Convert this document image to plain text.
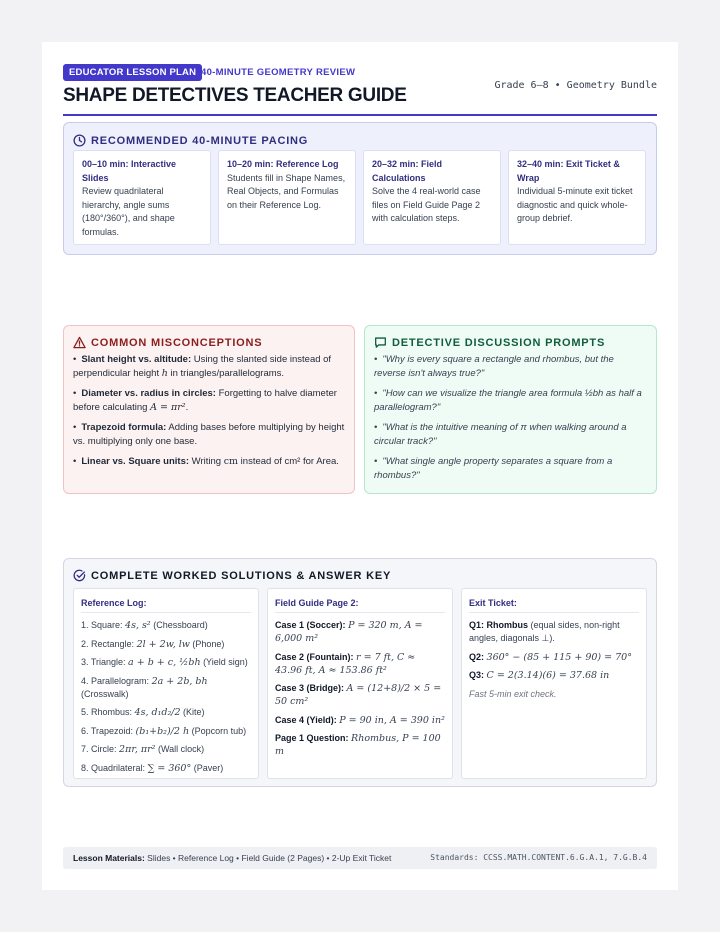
EDUCATOR LESSON PLAN 40-MINUTE GEOMETRY REVIEW
SHAPE DETECTIVES TEACHER GUIDE	Grade 6–8 • Geometry Bundle
RECOMMENDED 40-MINUTE PACING
00–10 min: Interactive Slides
Review quadrilateral hierarchy, angle sums (180°/360°), and shape formulas.
10–20 min: Reference Log
Students fill in Shape Names, Real Objects, and Formulas on their Reference Log.
20–32 min: Field Calculations
Solve the 4 real-world case files on Field Guide Page 2 with calculation steps.
32–40 min: Exit Ticket & Wrap
Individual 5-minute exit ticket diagnostic and quick whole-group debrief.
COMMON MISCONCEPTIONS
• Slant height vs. altitude: Using the slanted side instead of perpendicular height h in triangles/parallelograms.
• Diameter vs. radius in circles: Forgetting to halve diameter before calculating A = πr².
• Trapezoid formula: Adding bases before multiplying by height vs. multiplying only one base.
• Linear vs. Square units: Writing cm instead of cm² for Area.
DETECTIVE DISCUSSION PROMPTS
• "Why is every square a rectangle and rhombus, but the reverse isn't always true?"
• "How can we visualize the triangle area formula ½bh as half a parallelogram?"
• "What is the intuitive meaning of π when walking around a circular track?"
• "What single angle property separates a square from a rhombus?"
COMPLETE WORKED SOLUTIONS & ANSWER KEY
Reference Log:
1. Square: 4s, s² (Chessboard)
2. Rectangle: 2l + 2w, lw (Phone)
3. Triangle: a + b + c, ½bh (Yield sign)
4. Parallelogram: 2a + 2b, bh (Crosswalk)
5. Rhombus: 4s, d₁d₂/2 (Kite)
6. Trapezoid: (b₁+b₂)/2 h (Popcorn tub)
7. Circle: 2πr, πr² (Wall clock)
8. Quadrilateral: ∑ = 360° (Paver)
Field Guide Page 2:
Case 1 (Soccer): P = 320 m, A = 6,000 m²
Case 2 (Fountain): r = 7 ft, C ≈ 43.96 ft, A ≈ 153.86 ft²
Case 3 (Bridge): A = (12+8)/2 × 5 = 50 cm²
Case 4 (Yield): P = 90 in, A = 390 in²
Page 1 Question: Rhombus, P = 100 m
Exit Ticket:
Q1: Rhombus (equal sides, non-right angles, diagonals ⊥).
Q2: 360° − (85 + 115 + 90) = 70°
Q3: C = 2(3.14)(6) = 37.68 in
Fast 5-min exit check.
Lesson Materials: Slides • Reference Log • Field Guide (2 Pages) • 2-Up Exit Ticket	Standards: CCSS.MATH.CONTENT.6.G.A.1, 7.G.B.4
